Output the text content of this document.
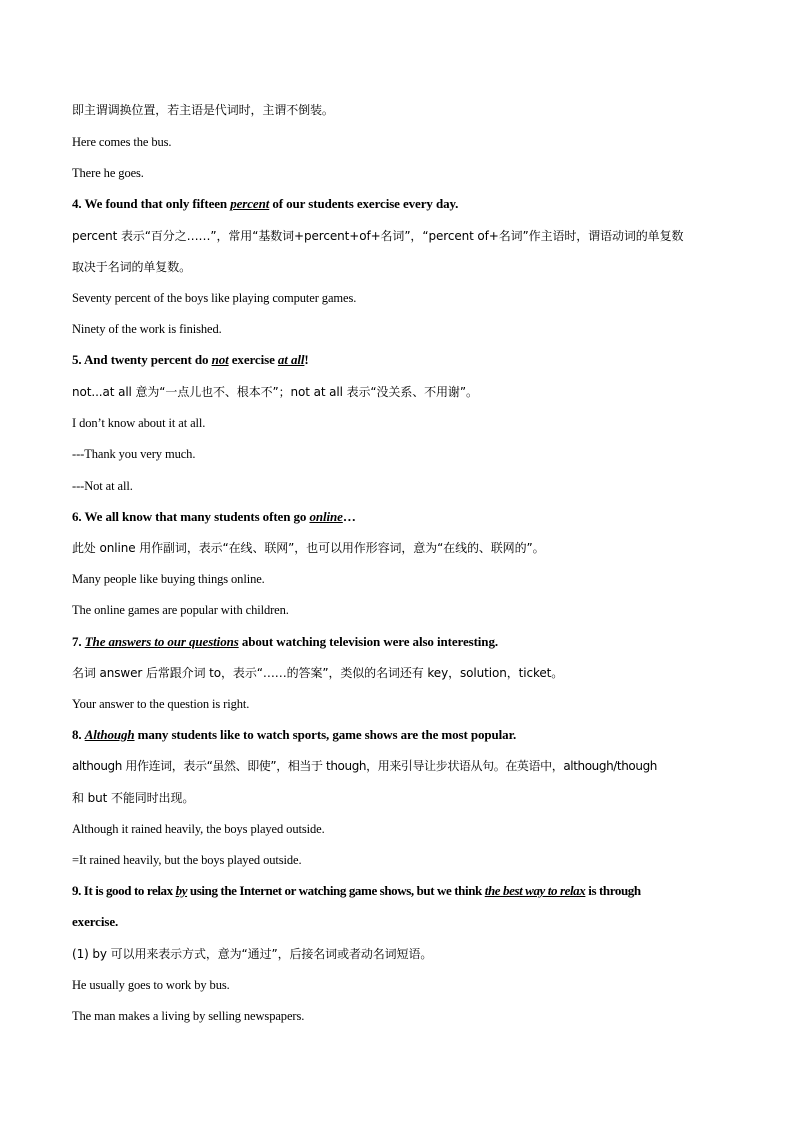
即主谓调换位置，若主语是代词时，主谓不倒装。
Here comes the bus.
There he goes.
4. We found that only fifteen percent of our students exercise every day.
percent 表示“百分之……”，常用“基数词+percent+of+名词”，“percent of+名词”作主语时，谓语动词的单复数
取决于名词的单复数。
Seventy percent of the boys like playing computer games.
Ninety of the work is finished.
5. And twenty percent do not exercise at all!
not...at all 意为“一点儿也不、根本不”；not at all 表示“没关系、不用谢”。
I don’t know about it at all.
---Thank you very much.
---Not at all.
6. We all know that many students often go online…
此处 online 用作副词，表示“在线、联网”，也可以用作形容词，意为“在线的、联网的”。
Many people like buying things online.
The online games are popular with children.
7. The answers to our questions about watching television were also interesting.
名词 answer 后常跟介词 to，表示“……的答案”，类似的名词还有 key，solution，ticket。
Your answer to the question is right.
8. Although many students like to watch sports, game shows are the most popular.
although 用作连词，表示“虽然、即使”，相当于 though，用来引导让步状语从句。在英语中，although/though
和 but 不能同时出现。
Although it rained heavily, the boys played outside.
=It rained heavily, but the boys played outside.
9. It is good to relax by using the Internet or watching game shows, but we think the best way to relax is through
exercise.
(1) by 可以用来表示方式，意为“通过”，后接名词或者动名词短语。
He usually goes to work by bus.
The man makes a living by selling newspapers.
